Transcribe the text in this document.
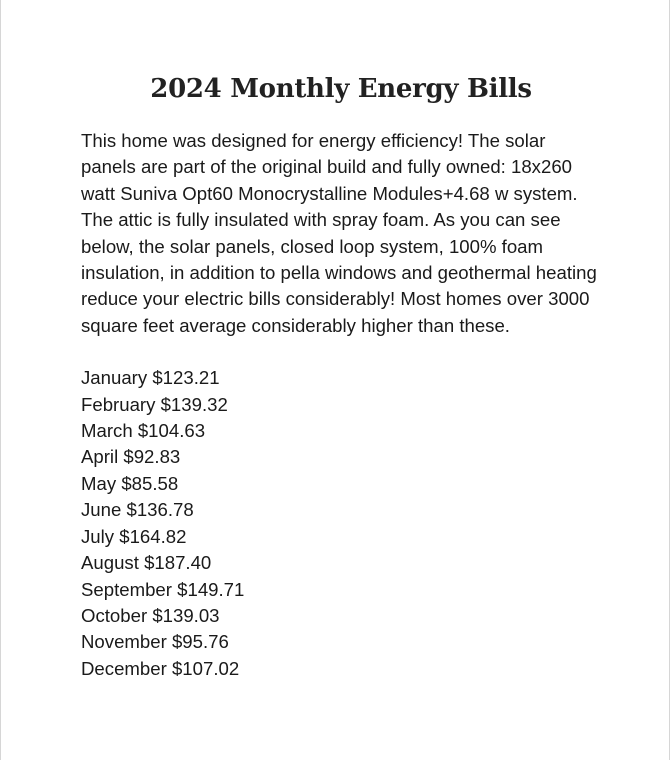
2024 Monthly Energy Bills

This home was designed for energy efficiency! The solar panels are part of the original build and fully owned: 18x260 watt Suniva Opt60 Monocrystalline Modules+4.68 w system. The attic is fully insulated with spray foam. As you can see below, the solar panels, closed loop system, 100% foam insulation, in addition to pella windows and geothermal heating reduce your electric bills considerably! Most homes over 3000 square feet average considerably higher than these.

January $123.21
February $139.32
March $104.63
April $92.83
May $85.58
June $136.78
July $164.82
August $187.40
September $149.71
October $139.03
November $95.76
December $107.02
